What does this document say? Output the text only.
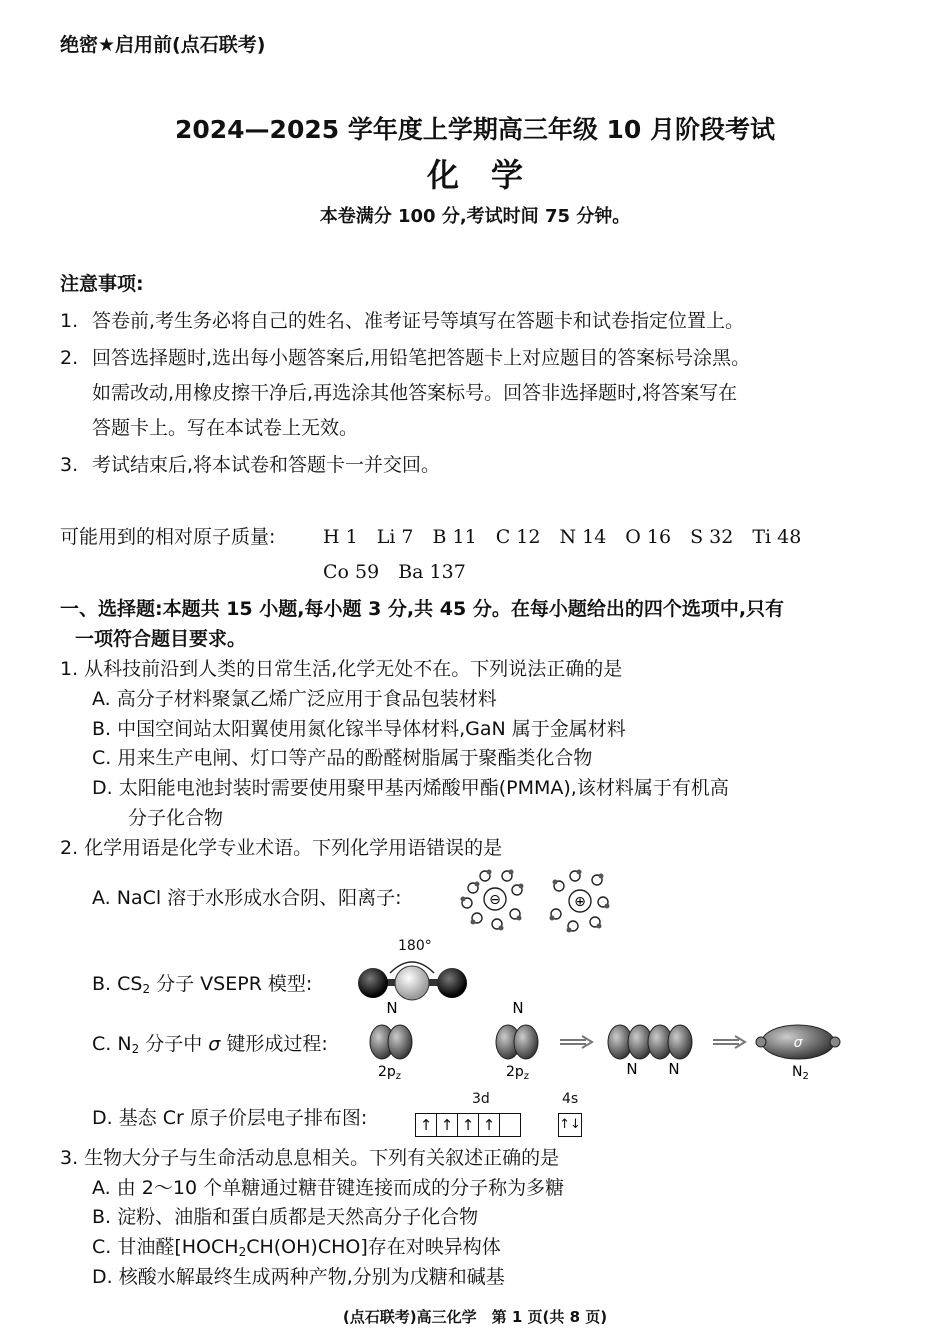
绝密★启用前(点石联考)
2024—2025 学年度上学期高三年级 10 月阶段考试
化　学
本卷满分 100 分,考试时间 75 分钟。
注意事项:
1. 答卷前,考生务必将自己的姓名、准考证号等填写在答题卡和试卷指定位置上。
2. 回答选择题时,选出每小题答案后,用铅笔把答题卡上对应题目的答案标号涂黑。
如需改动,用橡皮擦干净后,再选涂其他答案标号。回答非选择题时,将答案写在
答题卡上。写在本试卷上无效。
3. 考试结束后,将本试卷和答题卡一并交回。
可能用到的相对原子质量:	H 1　Li 7　B 11　C 12　N 14　O 16　S 32　Ti 48
Co 59　Ba 137
一、选择题:本题共 15 小题,每小题 3 分,共 45 分。在每小题给出的四个选项中,只有
一项符合题目要求。
1. 从科技前沿到人类的日常生活,化学无处不在。下列说法正确的是
A. 高分子材料聚氯乙烯广泛应用于食品包装材料
B. 中国空间站太阳翼使用氮化镓半导体材料,GaN 属于金属材料
C. 用来生产电闸、灯口等产品的酚醛树脂属于聚酯类化合物
D. 太阳能电池封装时需要使用聚甲基丙烯酸甲酯(PMMA),该材料属于有机高
分子化合物
2. 化学用语是化学专业术语。下列化学用语错误的是
A. NaCl 溶于水形成水合阴、阳离子:	⊖	⊕
B. $CS_2$ 分子 VSEPR 模型:
180°
C. $N_2$ 分子中 σ 键形成过程:
N
$2p_z$
N
$2p_z$	N N
σ
$N_2$
D. 基态 Cr 原子价层电子排布图:
3d	4s
↑ ↑ ↑ ↑	↑↓
3. 生物大分子与生命活动息息相关。下列有关叙述正确的是
A. 由 2～10 个单糖通过糖苷键连接而成的分子称为多糖
B. 淀粉、油脂和蛋白质都是天然高分子化合物
C. 甘油醛$[HOCH_2CH(OH)CHO]$存在对映异构体
D. 核酸水解最终生成两种产物,分别为戊糖和碱基
(点石联考)高三化学　第 1 页(共 8 页)
